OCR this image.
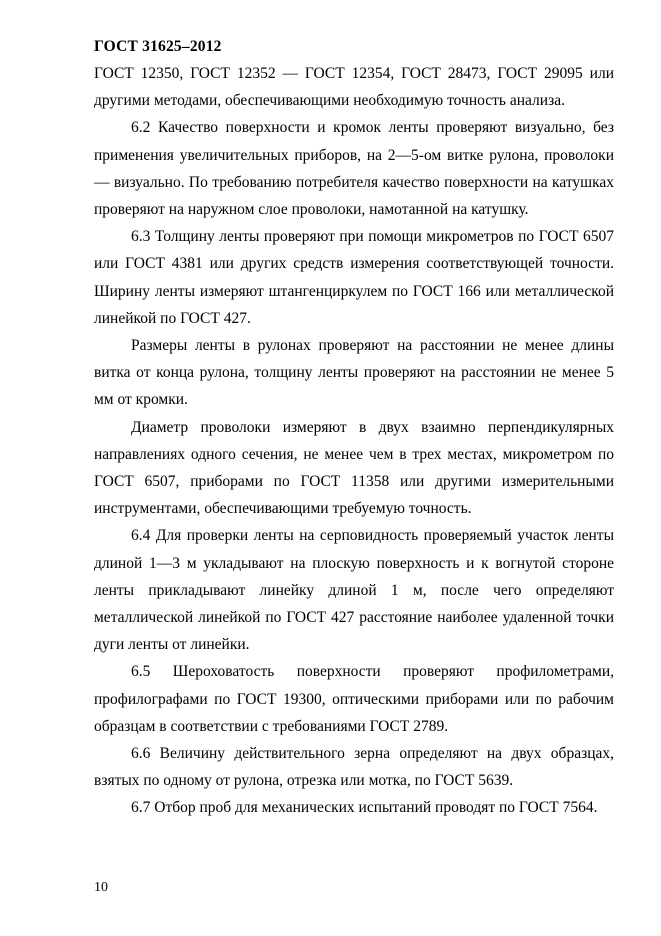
ГОСТ 31625–2012

ГОСТ 12350, ГОСТ 12352 — ГОСТ 12354, ГОСТ 28473, ГОСТ 29095 или другими методами, обеспечивающими необходимую точность анализа.

6.2 Качество поверхности и кромок ленты проверяют визуально, без применения увеличительных приборов, на 2—5-ом витке рулона, проволоки — визуально. По требованию потребителя качество поверхности на катушках проверяют на наружном слое проволоки, намотанной на катушку.

6.3 Толщину ленты проверяют при помощи микрометров по ГОСТ 6507 или ГОСТ 4381 или других средств измерения соответствующей точности. Ширину ленты измеряют штангенциркулем по ГОСТ 166 или металлической линейкой по ГОСТ 427.

Размеры ленты в рулонах проверяют на расстоянии не менее длины витка от конца рулона, толщину ленты проверяют на расстоянии не менее 5 мм от кромки.

Диаметр проволоки измеряют в двух взаимно перпендикулярных направлениях одного сечения, не менее чем в трех местах, микрометром по ГОСТ 6507, приборами по ГОСТ 11358 или другими измерительными инструментами, обеспечивающими требуемую точность.

6.4 Для проверки ленты на серповидность проверяемый участок ленты длиной 1—3 м укладывают на плоскую поверхность и к вогнутой стороне ленты прикладывают линейку длиной 1 м, после чего определяют металлической линейкой по ГОСТ 427 расстояние наиболее удаленной точки дуги ленты от линейки.

6.5 Шероховатость поверхности проверяют профилометрами, профилографами по ГОСТ 19300, оптическими приборами или по рабочим образцам в соответствии с требованиями ГОСТ 2789.

6.6 Величину действительного зерна определяют на двух образцах, взятых по одному от рулона, отрезка или мотка, по ГОСТ 5639.

6.7 Отбор проб для механических испытаний проводят по ГОСТ 7564.

10
